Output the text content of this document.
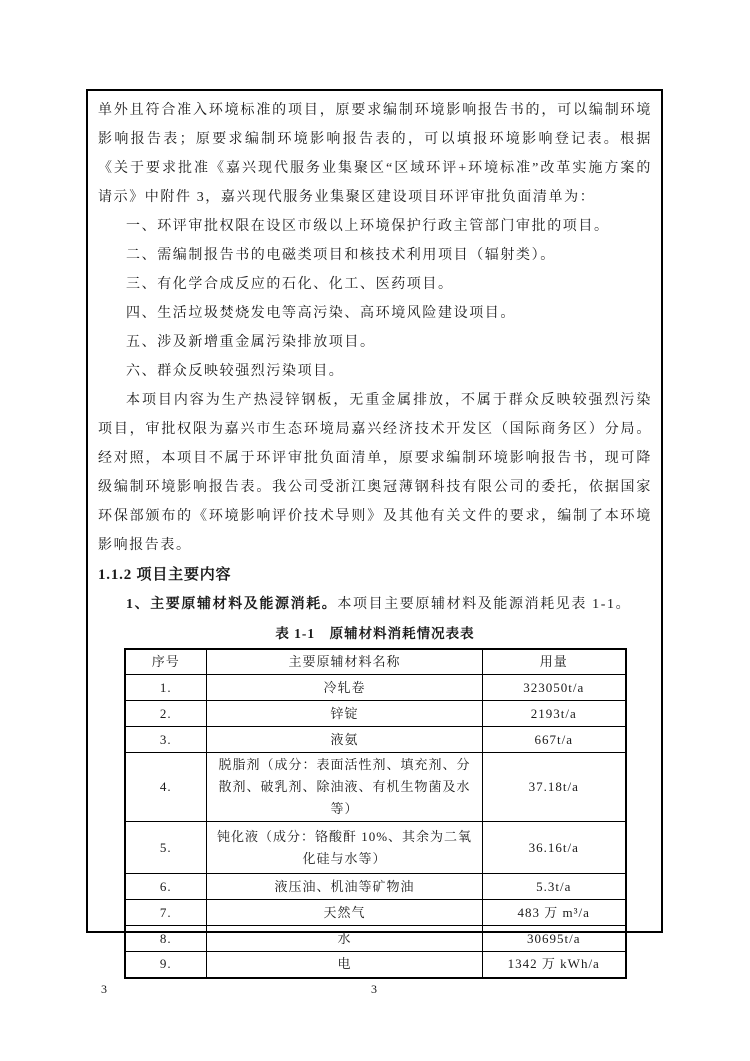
单外且符合准入环境标准的项目，原要求编制环境影响报告书的，可以编制环境影响报告表；原要求编制环境影响报告表的，可以填报环境影响登记表。根据《关于要求批准《嘉兴现代服务业集聚区“区域环评+环境标准”改革实施方案的请示》中附件 3，嘉兴现代服务业集聚区建设项目环评审批负面清单为：
一、环评审批权限在设区市级以上环境保护行政主管部门审批的项目。
二、需编制报告书的电磁类项目和核技术利用项目（辐射类）。
三、有化学合成反应的石化、化工、医药项目。
四、生活垃圾焚烧发电等高污染、高环境风险建设项目。
五、涉及新增重金属污染排放项目。
六、群众反映较强烈污染项目。
本项目内容为生产热浸锌钢板，无重金属排放，不属于群众反映较强烈污染项目，审批权限为嘉兴市生态环境局嘉兴经济技术开发区（国际商务区）分局。经对照，本项目不属于环评审批负面清单，原要求编制环境影响报告书，现可降级编制环境影响报告表。我公司受浙江奥冠薄钢科技有限公司的委托，依据国家环保部颁布的《环境影响评价技术导则》及其他有关文件的要求，编制了本环境影响报告表。
1.1.2 项目主要内容
1、主要原辅材料及能源消耗。本项目主要原辅材料及能源消耗见表 1-1。
表 1-1　原辅材料消耗情况表表
序号	主要原辅材料名称	用量
1.	冷轧卷	323050t/a
2.	锌锭	2193t/a
3.	液氨	667t/a
4.	脱脂剂（成分：表面活性剂、填充剂、分散剂、破乳剂、除油液、有机生物菌及水等）	37.18t/a
5.	钝化液（成分：铬酸酐 10%、其余为二氧化硅与水等）	36.16t/a
6.	液压油、机油等矿物油	5.3t/a
7.	天然气	483 万 m³/a
8.	水	30695t/a
9.	电	1342 万 kWh/a
3	3
